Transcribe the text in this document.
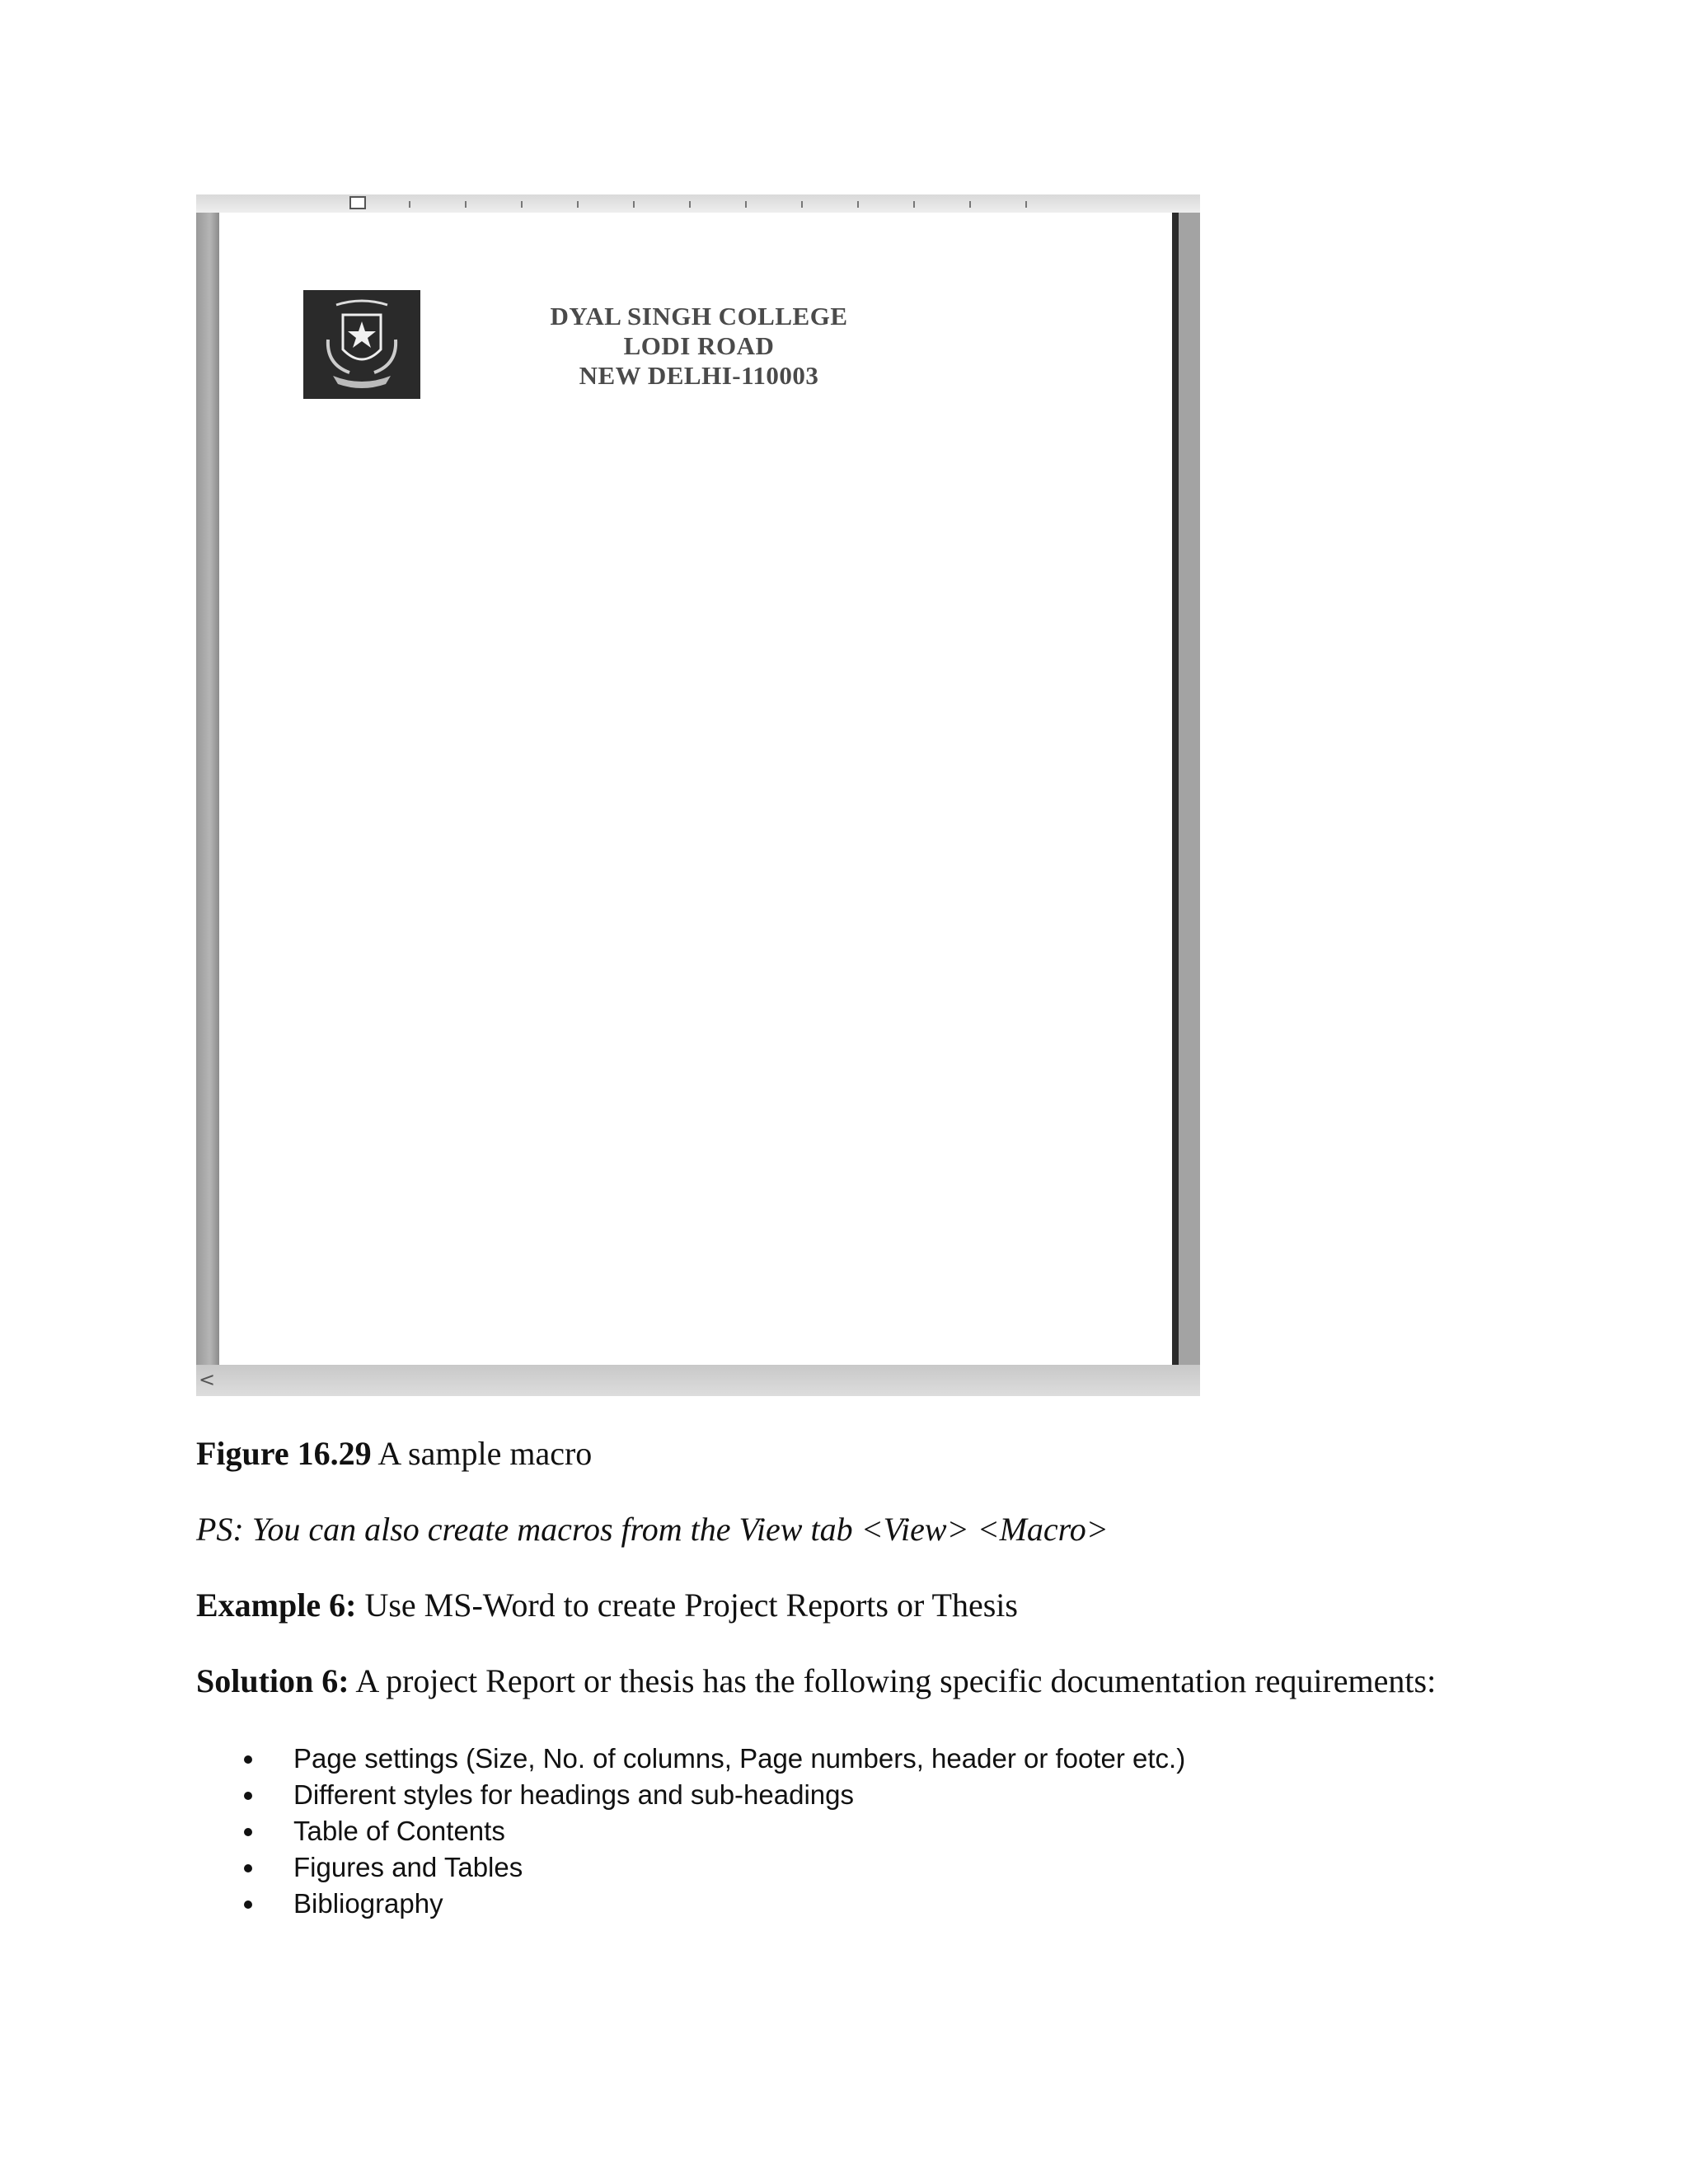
DYAL SINGH COLLEGE
LODI ROAD
NEW DELHI-110003
<
Figure 16.29 A sample macro
PS: You can also create macros from the View tab <View> <Macro>
Example 6: Use MS-Word to create Project Reports or Thesis
Solution 6: A project Report or thesis has the following specific documentation requirements:
Page settings (Size, No. of columns, Page numbers, header or footer etc.)
Different styles for headings and sub-headings
Table of Contents
Figures and Tables
Bibliography
